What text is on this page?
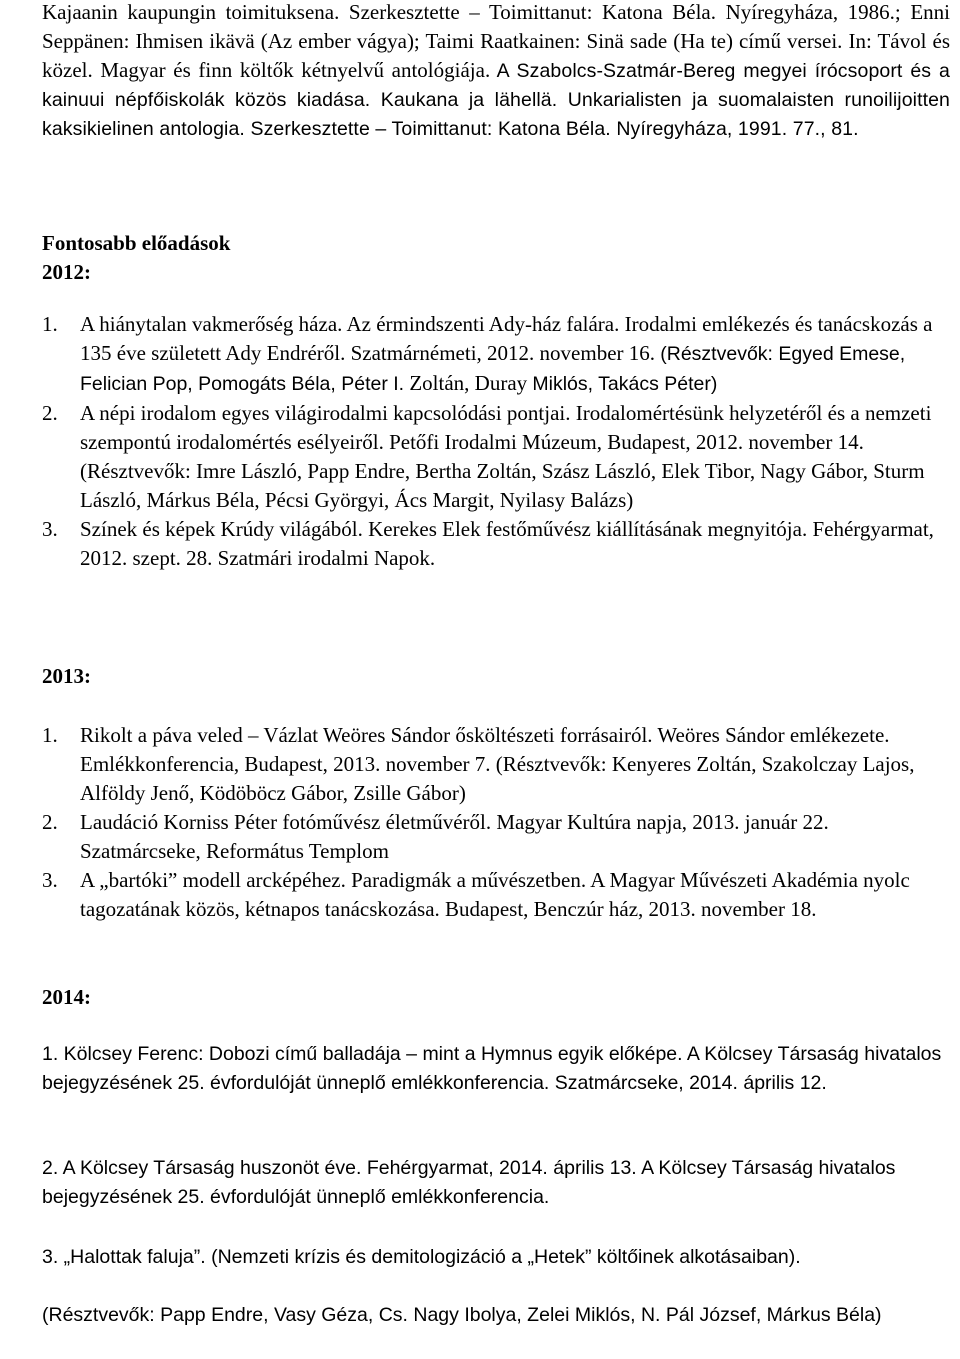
Kajaanin kaupungin toimituksena. Szerkesztette – Toimittanut: Katona Béla. Nyíregyháza, 1986.; Enni Seppänen: Ihmisen ikävä (Az ember vágya); Taimi Raatkainen: Sinä sade (Ha te) című versei. In: Távol és közel. Magyar és finn költők kétnyelvű antológiája. A Szabolcs-Szatmár-Bereg megyei írócsoport és a kainuui népfőiskolák közös kiadása. Kaukana ja lähellä. Unkarialisten ja suomalaisten runoilijoitten kaksikielinen antologia. Szerkesztette – Toimittanut: Katona Béla. Nyíregyháza, 1991. 77., 81.

Fontosabb előadások
2012:
1.	A hiánytalan vakmerőség háza. Az érmindszenti Ady-ház falára. Irodalmi emlékezés és tanácskozás a 135 éve született Ady Endréről. Szatmárnémeti, 2012. november 16. (Résztvevők: Egyed Emese, Felician Pop, Pomogáts Béla, Péter I. Zoltán, Duray Miklós, Takács Péter)
2.	A népi irodalom egyes világirodalmi kapcsolódási pontjai. Irodalomértésünk helyzetéről és a nemzeti szempontú irodalomértés esélyeiről. Petőfi Irodalmi Múzeum, Budapest, 2012. november 14. (Résztvevők: Imre László, Papp Endre, Bertha Zoltán, Szász László, Elek Tibor, Nagy Gábor, Sturm László, Márkus Béla, Pécsi Györgyi, Ács Margit, Nyilasy Balázs)
3.	Színek és képek Krúdy világából. Kerekes Elek festőművész kiállításának megnyitója. Fehérgyarmat, 2012. szept. 28. Szatmári irodalmi Napok.
2013:
1.	Rikolt a páva veled – Vázlat Weöres Sándor ősköltészeti forrásairól. Weöres Sándor emlékezete. Emlékkonferencia, Budapest, 2013. november 7. (Résztvevők: Kenyeres Zoltán, Szakolczay Lajos, Alföldy Jenő, Ködöböcz Gábor, Zsille Gábor)
2.	Laudáció Korniss Péter fotóművész életművéről. Magyar Kultúra napja, 2013. január 22. Szatmárcseke, Református Templom
3.	A „bartóki” modell arcképéhez. Paradigmák a művészetben. A Magyar Művészeti Akadémia nyolc tagozatának közös, kétnapos tanácskozása. Budapest, Benczúr ház, 2013. november 18.
2014:

1. Kölcsey Ferenc: Dobozi című balladája – mint a Hymnus egyik előképe. A Kölcsey Társaság hivatalos bejegyzésének 25. évfordulóját ünneplő emlékkonferencia. Szatmárcseke, 2014. április 12.

2. A Kölcsey Társaság huszonöt éve. Fehérgyarmat, 2014. április 13. A Kölcsey Társaság hivatalos bejegyzésének 25. évfordulóját ünneplő emlékkonferencia.

3. „Halottak faluja”. (Nemzeti krízis és demitologizáció a „Hetek” költőinek alkotásaiban).

(Résztvevők: Papp Endre, Vasy Géza, Cs. Nagy Ibolya, Zelei Miklós, N. Pál József, Márkus Béla)
